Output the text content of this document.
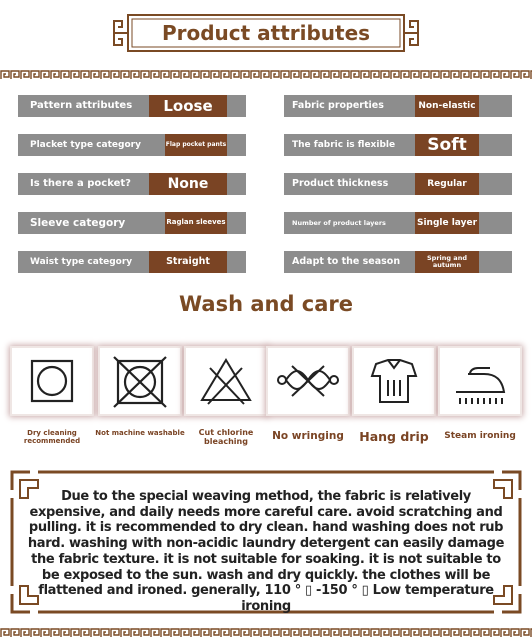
Product attributes
Pattern attributes	Loose
Placket type category	Flap pocket pants
Is there a pocket?	None
Sleeve category	Raglan sleeves
Waist type category	Straight
Fabric properties	Non-elastic
The fabric is flexible	Soft
Product thickness	Regular
Number of product layers	Single layer
Adapt to the season	Spring and autumn
Wash and care
Dry cleaning recommended
Not machine washable	Cut chlorine bleaching	No wringing	Hang drip	Steam ironing
Due to the special weaving method, the fabric is relatively expensive, and daily needs more careful care. avoid scratching and pulling. it is recommended to dry clean. hand washing does not rub hard. washing with non-acidic laundry detergent can easily damage the fabric texture. it is not suitable for soaking. it is not suitable to be exposed to the sun. wash and dry quickly. the clothes will be flattened and ironed. generally, 110 ° ▯ -150 ° ▯ Low temperature ironing
